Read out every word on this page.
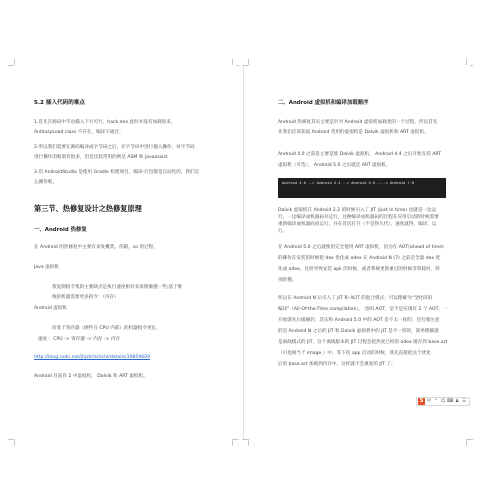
5.2 插入代码的难点
1.首先在源码中手动插入下方可行，hack.dex 此时并没有加载进来，
AntilazyLoad.class 不存在，编译不通过。
2.所以我们需要在源码编译成字节码之后，在字节码中进行插入操作，对字节码
进行操作的框架有很多，但是比较常用的则是 ASM 和 javaassist
3.但 AndroidStudio 是使用 Gradle 构建项目，编译-打包都是自动化的，我们怎
么操作呢。
第三节、热修复设计之热修复原理
一、Android 热修复
在 Android 的热修复中主要有来复概类。你跟，so 的过程。
Java 虚拟机
我复制指令集的主要缺点是执行速度相对来说稍微慢一些;基于堆
栈的机器需要更多指令：（内存）
Android 虚拟机
而基于寄存器（硬件在 CPU 内部）的机器指令更长，
速度： CPU -> 寄存器 -> 内存 -> 内存
http://blog.csdn.net/jhjztr/article/details/39859609
Android 目前有 2 中虚拟机， Dalvik 和 ART 虚拟机。
二、Android 虚拟机和编译加载顺序
Android 热修复其实主要是针对 Android 虚拟机加载类的一个过程，所以首先
先我们应该知道 Android 常用的虚拟机是 Dalvik 虚拟机和 ART 虚拟机。
Android 4.0 之前是主要是使 Dalvik 虚拟机， Android 4.4 之后开始支持 ART
虚拟机（可选）， Android 5.0 之后就是 ART 虚拟机。
Android 4.0 --> Android 4.4 --> Android 5.0 ----> Android 7.0
Dalvik 虚拟机在 Android 2.2 的时候引入了 JIT (Just In time) 也就是一边运
行，一边编译成机器码并运行，这种编译成机器码的过程在应用启动的时候需要
重新编译成机器码再运行，并在首次打开（不是得久代），速度就得，编译，运
行。
在 Android 5.0 之后就使用完全使用 ART 虚拟机，因为在 AOT(ahead of time)
的操作在安装的时候把 dex 优化成 odex 在 Android N (7) 之前是全量 dex 优
化成 odex，这样导致安装 apk 的时候，或者系统更新重启的时候非常耗时，特
别的慢。
所以在 Android N 后引入了 JIT 和 AOT 的混合模式；可以理解为"全时段的
编译"（All-Of-the-Time compilation）。 也叫 AOT，是不是实现有 2 个 AOT，一
开始就先后缓解的，其实和 Android 5.0 中的 AOT 是不太一样的；还有要注意
的是 Android N 之后的 JIT 和 Dalvik 虚拟机中的 JIT 是不一样的，简单理解就
是离线模式的 JIT，这个离线版本的 JIT 过程会把热度已经的 odex 缓存到 base.art
（可也相当于 image ）中，等下次 app 启动的时候，我先直接把这个优化
后的 base.art 加载到内存中，这样就不会重复的 JIT 了。
S 中 ° ☺ ⌨ ♟ ☰
